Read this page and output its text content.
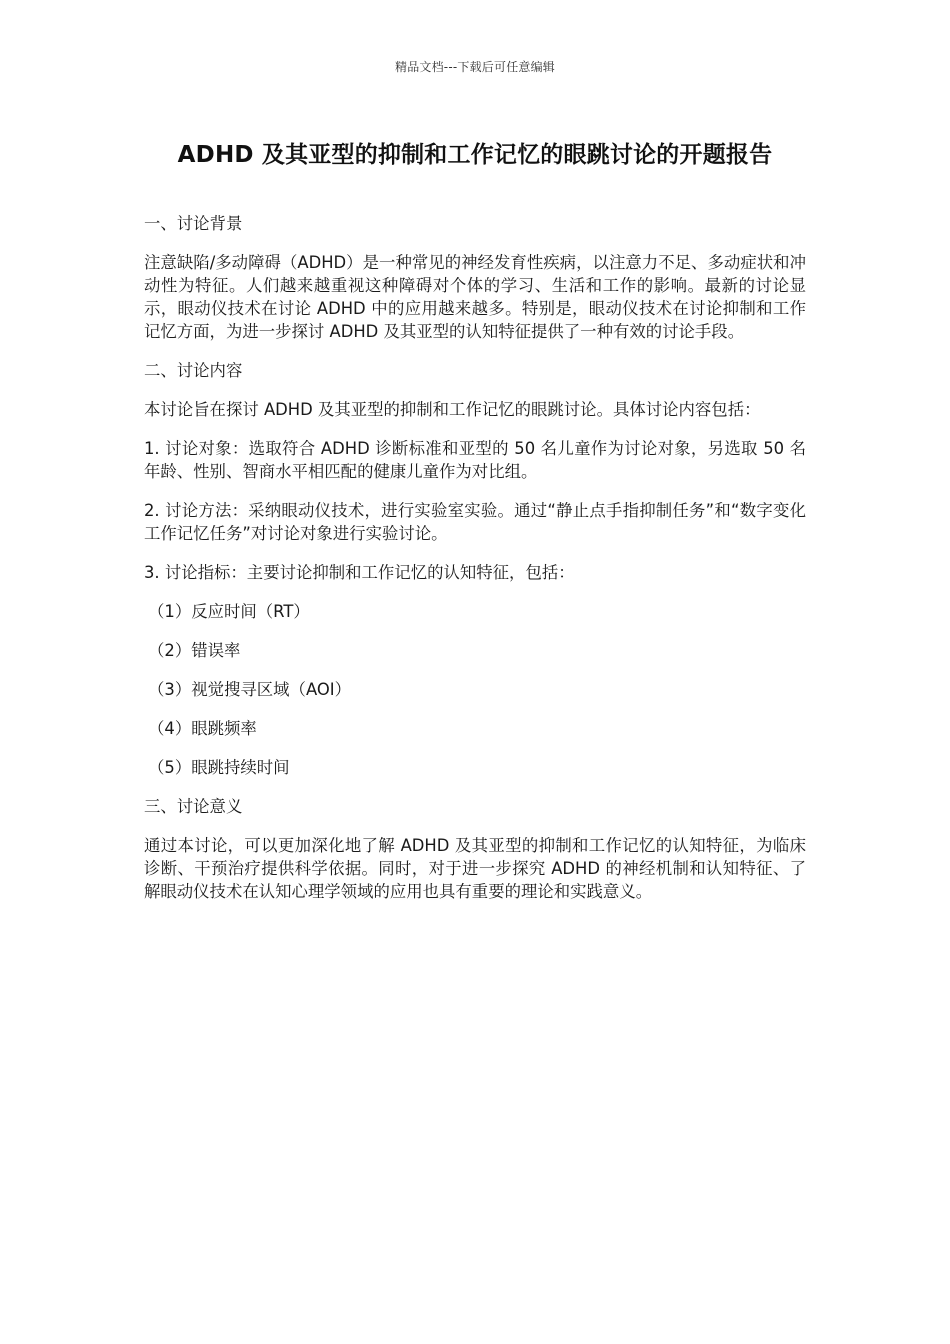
精品文档---下载后可任意编辑
ADHD 及其亚型的抑制和工作记忆的眼跳讨论的开题报告

一、讨论背景

注意缺陷/多动障碍（ADHD）是一种常见的神经发育性疾病，以注意力不足、多动症状和冲动性为特征。人们越来越重视这种障碍对个体的学习、生活和工作的影响。最新的讨论显示，眼动仪技术在讨论 ADHD 中的应用越来越多。特别是，眼动仪技术在讨论抑制和工作记忆方面，为进一步探讨 ADHD 及其亚型的认知特征提供了一种有效的讨论手段。

二、讨论内容

本讨论旨在探讨 ADHD 及其亚型的抑制和工作记忆的眼跳讨论。具体讨论内容包括：

1. 讨论对象：选取符合 ADHD 诊断标准和亚型的 50 名儿童作为讨论对象，另选取 50 名年龄、性别、智商水平相匹配的健康儿童作为对比组。

2. 讨论方法：采纳眼动仪技术，进行实验室实验。通过“静止点手指抑制任务”和“数字变化工作记忆任务”对讨论对象进行实验讨论。

3. 讨论指标：主要讨论抑制和工作记忆的认知特征，包括：

（1）反应时间（RT）

（2）错误率

（3）视觉搜寻区域（AOI）

（4）眼跳频率

（5）眼跳持续时间

三、讨论意义

通过本讨论，可以更加深化地了解 ADHD 及其亚型的抑制和工作记忆的认知特征，为临床诊断、干预治疗提供科学依据。同时，对于进一步探究 ADHD 的神经机制和认知特征、了解眼动仪技术在认知心理学领域的应用也具有重要的理论和实践意义。
